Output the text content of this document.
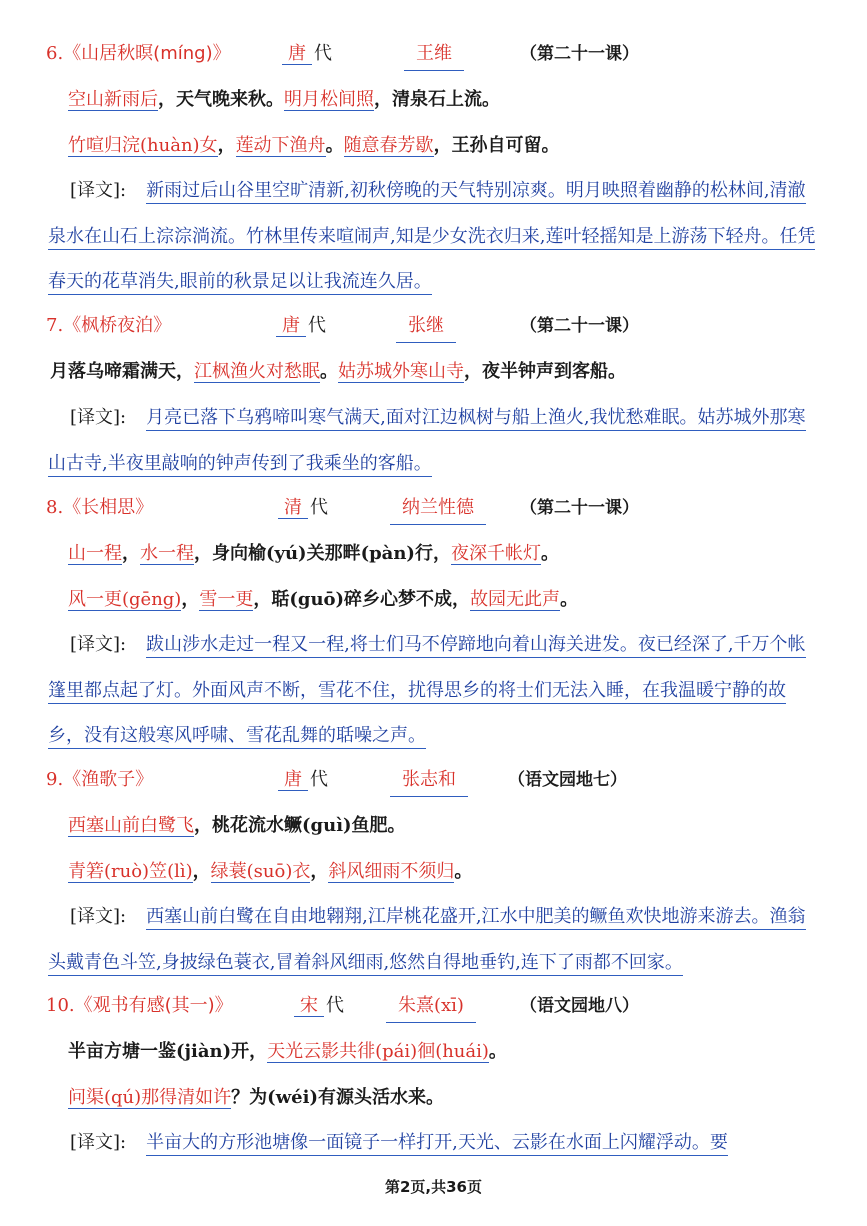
6.《山居秋暝(míng)》	唐 代	王维	（第二十一课）
空山新雨后，天气晚来秋。明月松间照，清泉石上流。
竹喧归浣(huàn)女，莲动下渔舟。随意春芳歇，王孙自可留。
[译文]: 新雨过后山谷里空旷清新,初秋傍晚的天气特别凉爽。明月映照着幽静的松林间,清澈泉水在山石上淙淙淌流。竹林里传来喧闹声,知是少女洗衣归来,莲叶轻摇知是上游荡下轻舟。任凭春天的花草消失,眼前的秋景足以让我流连久居。
7.《枫桥夜泊》	唐 代	张继	（第二十一课）
月落乌啼霜满天，江枫渔火对愁眠。姑苏城外寒山寺，夜半钟声到客船。
[译文]: 月亮已落下乌鸦啼叫寒气满天,面对江边枫树与船上渔火,我忧愁难眠。姑苏城外那寒山古寺,半夜里敲响的钟声传到了我乘坐的客船。
8.《长相思》	清 代	纳兰性德	（第二十一课）
山一程，水一程，身向榆(yú)关那畔(pàn)行，夜深千帐灯。
风一更(gēng)，雪一更，聒(guō)碎乡心梦不成，故园无此声。
[译文]: 跋山涉水走过一程又一程,将士们马不停蹄地向着山海关进发。夜已经深了,千万个帐篷里都点起了灯。外面风声不断，雪花不住，扰得思乡的将士们无法入睡，在我温暖宁静的故乡，没有这般寒风呼啸、雪花乱舞的聒噪之声。
9.《渔歌子》	唐 代	张志和	（语文园地七）
西塞山前白鹭飞，桃花流水鳜(guì)鱼肥。
青箬(ruò)笠(lì)，绿蓑(suō)衣，斜风细雨不须归。
[译文]: 西塞山前白鹭在自由地翱翔,江岸桃花盛开,江水中肥美的鳜鱼欢快地游来游去。渔翁头戴青色斗笠,身披绿色蓑衣,冒着斜风细雨,悠然自得地垂钓,连下了雨都不回家。
10.《观书有感(其一)》	宋 代	朱熹(xī)	（语文园地八）
半亩方塘一鉴(jiàn)开，天光云影共徘(pái)徊(huái)。
问渠(qú)那得清如许？为(wéi)有源头活水来。
[译文]: 半亩大的方形池塘像一面镜子一样打开,天光、云影在水面上闪耀浮动。要
第2页,共36页
